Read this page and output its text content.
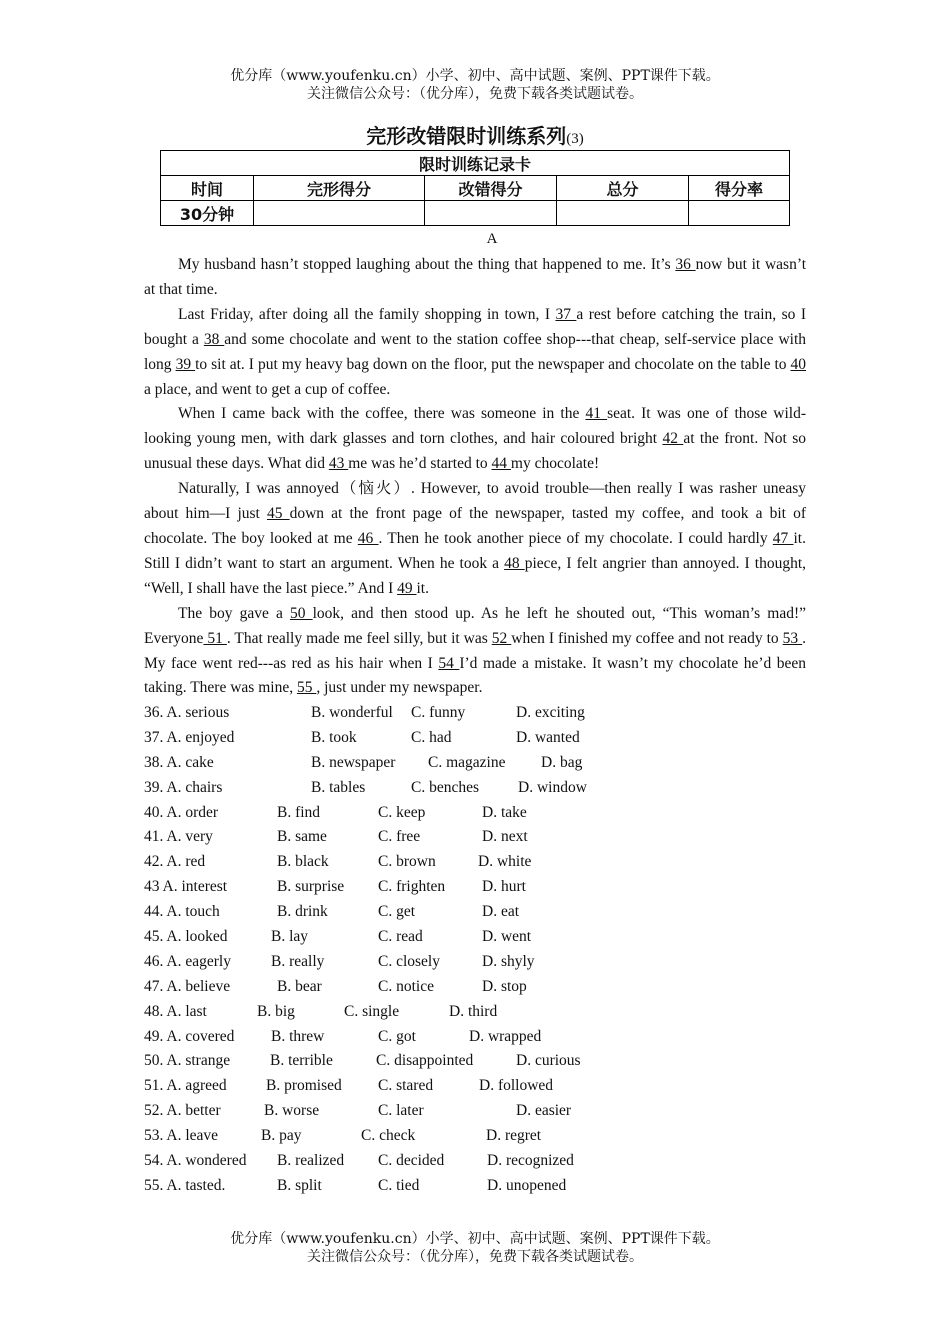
优分库（www.youfenku.cn）小学、初中、高中试题、案例、PPT课件下载。
关注微信公众号：（优分库），免费下载各类试题试卷。
完形改错限时训练系列(3)
限时训练记录卡				
时间	完形得分	改错得分	总分	得分率
30分钟				
A

My husband hasn’t stopped laughing about the thing that happened to me. It’s 36 now but it wasn’t at that time.

Last Friday, after doing all the family shopping in town, I 37 a rest before catching the train, so I bought a 38 and some chocolate and went to the station coffee shop---that cheap, self-service place with long 39 to sit at. I put my heavy bag down on the floor, put the newspaper and chocolate on the table to 40 a place, and went to get a cup of coffee.

When I came back with the coffee, there was someone in the 41 seat. It was one of those wild-looking young men, with dark glasses and torn clothes, and hair coloured bright 42 at the front. Not so unusual these days. What did 43 me was he’d started to 44 my chocolate!

Naturally, I was annoyed（恼火）. However, to avoid trouble—then really I was rasher uneasy about him—I just 45 down at the front page of the newspaper, tasted my coffee, and took a bit of chocolate. The boy looked at me 46 . Then he took another piece of my chocolate. I could hardly 47 it. Still I didn’t want to start an argument. When he took a 48 piece, I felt angrier than annoyed. I thought, “Well, I shall have the last piece.” And I 49 it.

The boy gave a 50 look, and then stood up. As he left he shouted out, “This woman’s mad!” Everyone 51 . That really made me feel silly, but it was 52 when I finished my coffee and not ready to 53 . My face went red---as red as his hair when I 54 I’d made a mistake. It wasn’t my chocolate he’d been taking. There was mine, 55 , just under my newspaper.

36. A. serious	B. wonderful C. funny	D. exciting
37. A. enjoyed	B. took	C. had	D. wanted
38. A. cake	B. newspaper C. magazine D. bag
39. A. chairs	B. tables	C. benches	D. window
40. A. order	B. find	C. keep	D. take
41. A. very	B. same	C. free	D. next
42. A. red	B. black	C. brown	D. white
43 A. interest	B. surprise C. frighten D. hurt
44. A. touch	B. drink	C. get	D. eat
45. A. looked	B. lay	C. read	D. went
46. A. eagerly	B. really	C. closely	D. shyly
47. A. believe	B. bear	C. notice	D. stop
48. A. last	B. big	C. single	D. third
49. A. covered B. threw	C. got	D. wrapped
50. A. strange	B. terrible	C. disappointed	D. curious
51. A. agreed	B. promised C. stared	D. followed
52. A. better	B. worse	C. later	D. easier
53. A. leave	B. pay	C. check	D. regret
54. A. wondered B. realized C. decided	D. recognized
55. A. tasted.	B. split	C. tied	D. unopened
优分库（www.youfenku.cn）小学、初中、高中试题、案例、PPT课件下载。
关注微信公众号：（优分库），免费下载各类试题试卷。
